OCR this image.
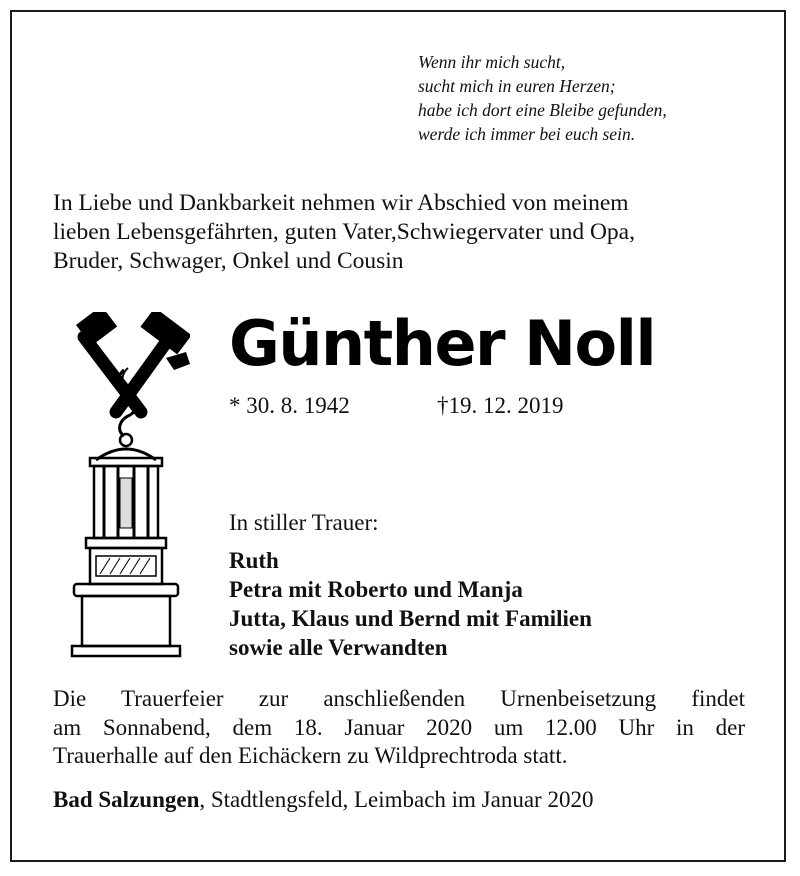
Wenn ihr mich sucht,
sucht mich in euren Herzen;
habe ich dort eine Bleibe gefunden,
werde ich immer bei euch sein.
In Liebe und Dankbarkeit nehmen wir Abschied von meinem
lieben Lebensgefährten, guten Vater,Schwiegervater und Opa,
Bruder, Schwager, Onkel und Cousin
Günther Noll
* 30. 8. 1942	†19. 12. 2019
In stiller Trauer:
Ruth
Petra mit Roberto und Manja
Jutta, Klaus und Bernd mit Familien
sowie alle Verwandten
Die Trauerfeier zur anschließenden Urnenbeisetzung findet
am Sonnabend, dem 18. Januar 2020 um 12.00 Uhr in der
Trauerhalle auf den Eichäckern zu Wildprechtroda statt.
Bad Salzungen, Stadtlengsfeld, Leimbach im Januar 2020
